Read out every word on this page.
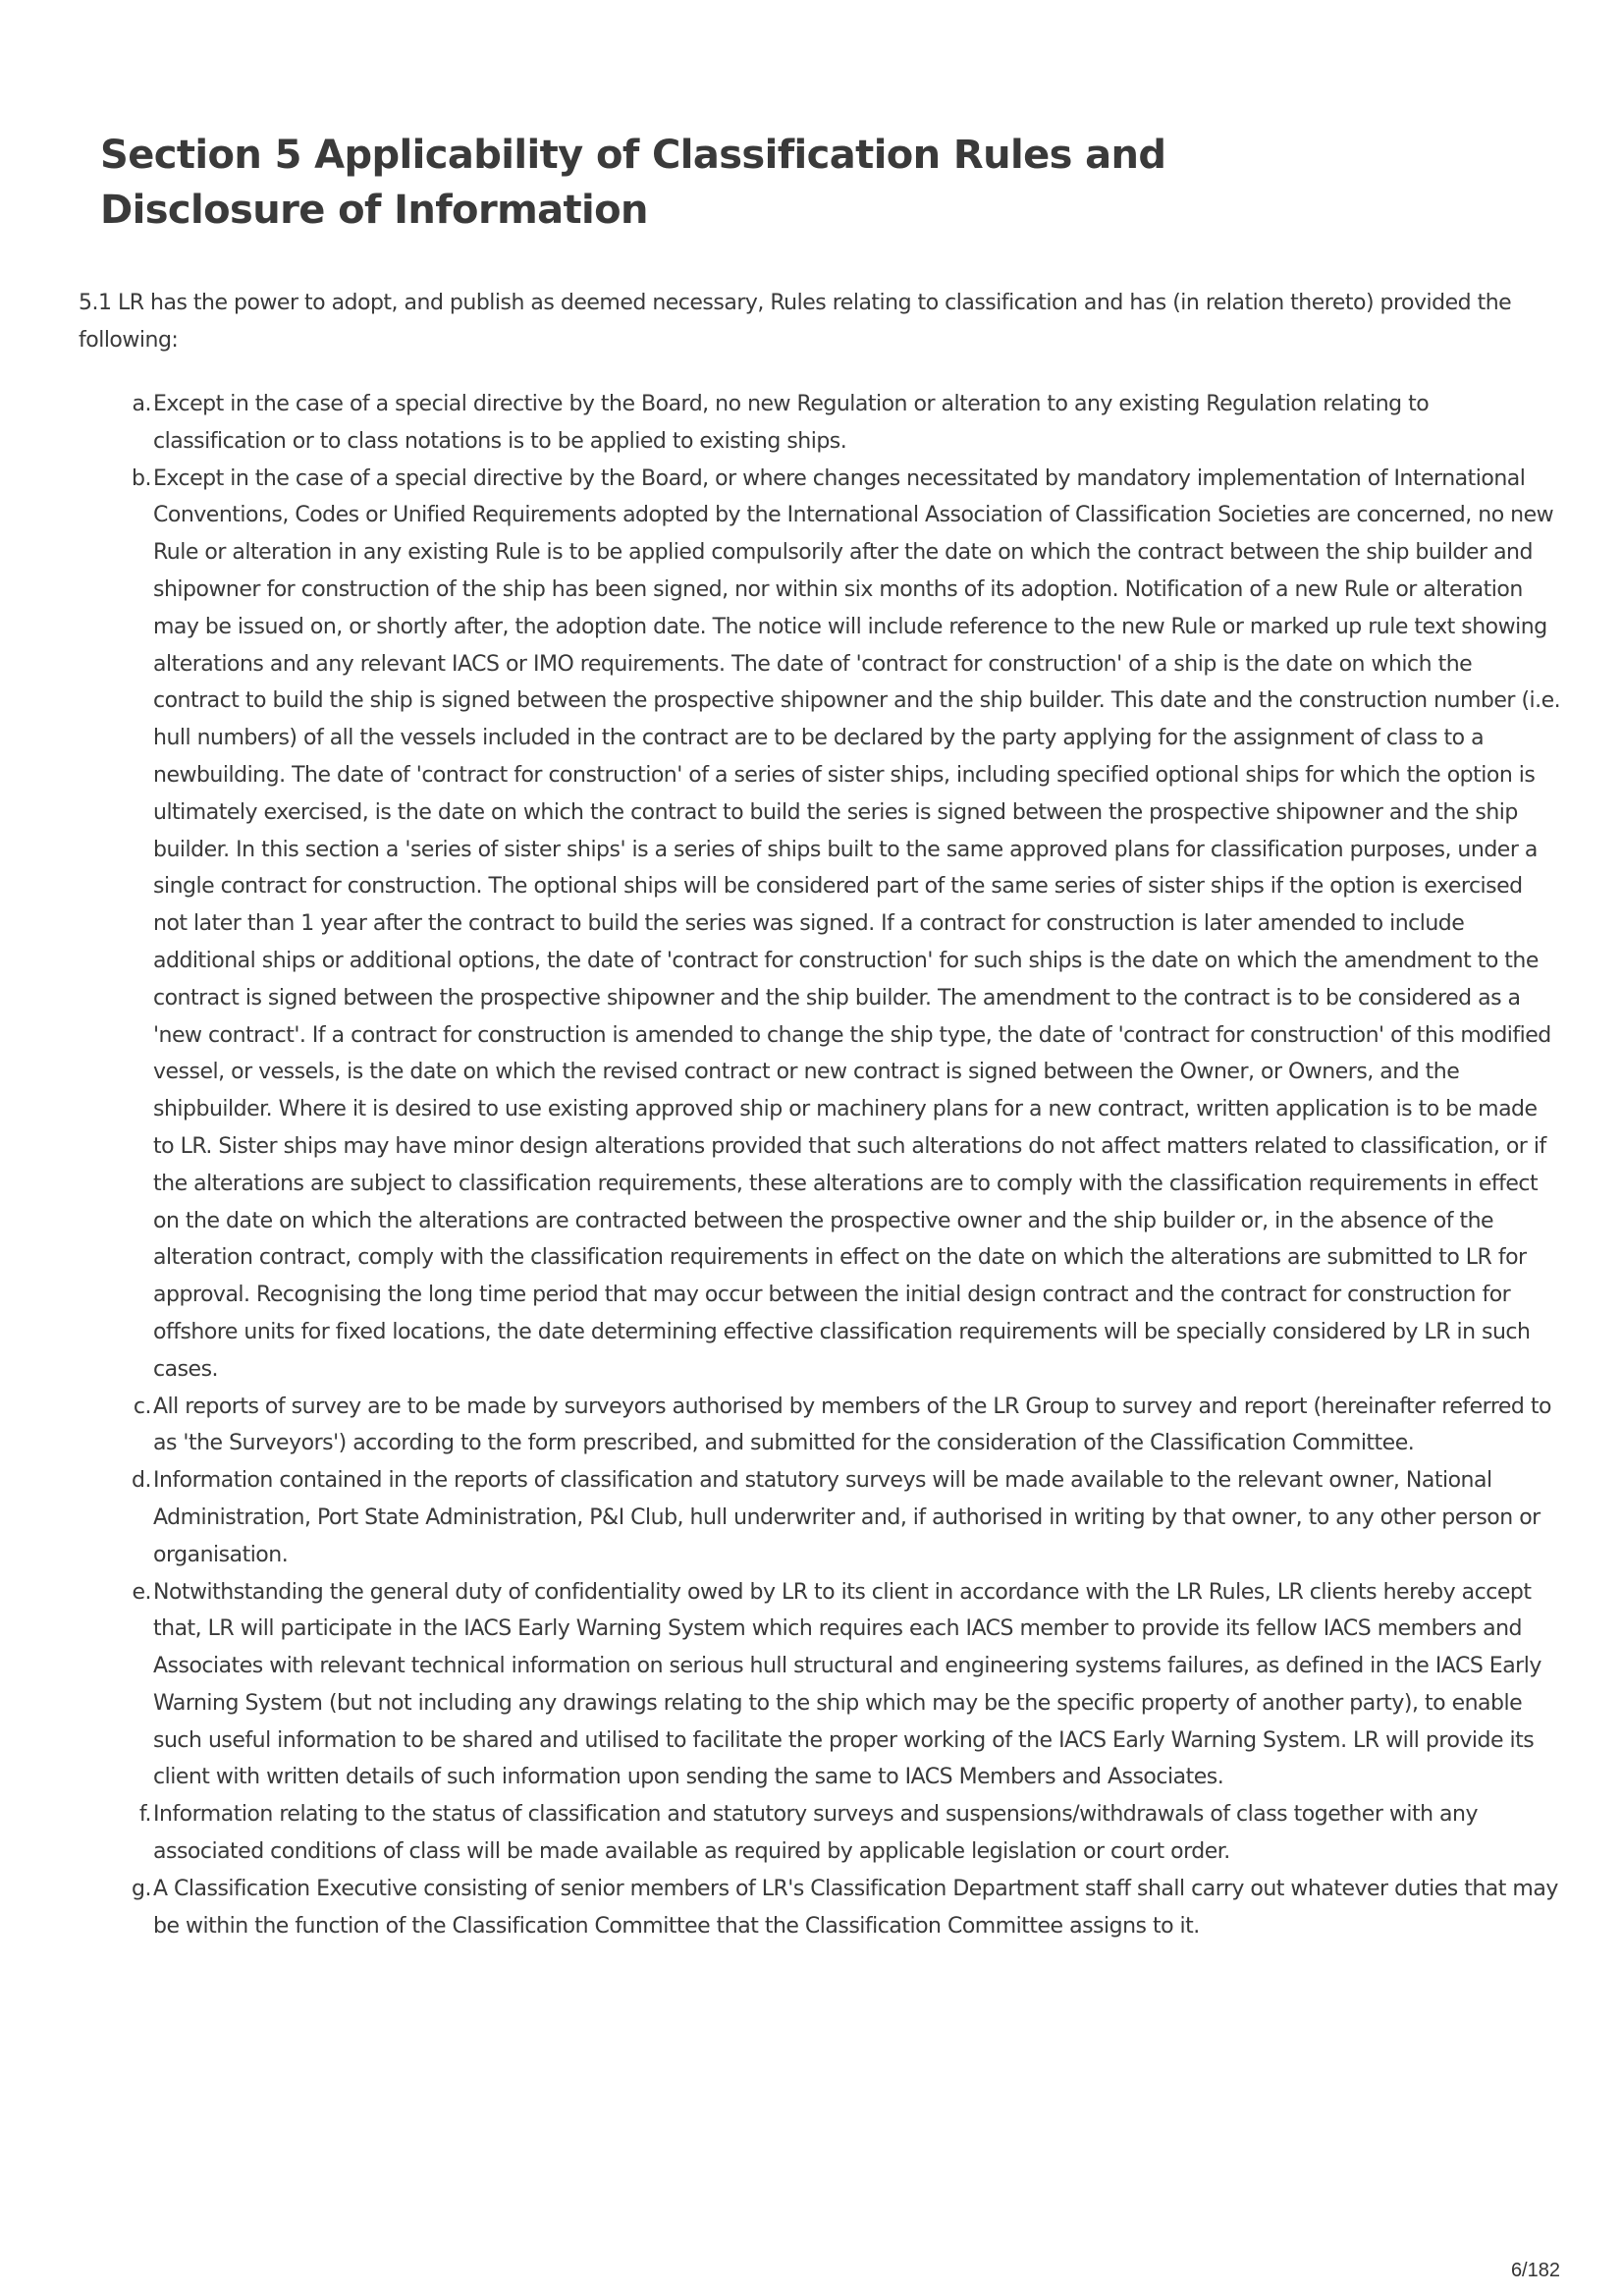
Section 5 Applicability of Classification Rules and Disclosure of Information

5.1 LR has the power to adopt, and publish as deemed necessary, Rules relating to classification and has (in relation thereto) provided the following:

a. Except in the case of a special directive by the Board, no new Regulation or alteration to any existing Regulation relating to classification or to class notations is to be applied to existing ships.
b. Except in the case of a special directive by the Board, or where changes necessitated by mandatory implementation of International Conventions, Codes or Unified Requirements adopted by the International Association of Classification Societies are concerned, no new Rule or alteration in any existing Rule is to be applied compulsorily after the date on which the contract between the ship builder and shipowner for construction of the ship has been signed, nor within six months of its adoption. Notification of a new Rule or alteration may be issued on, or shortly after, the adoption date. The notice will include reference to the new Rule or marked up rule text showing alterations and any relevant IACS or IMO requirements. The date of 'contract for construction' of a ship is the date on which the contract to build the ship is signed between the prospective shipowner and the ship builder. This date and the construction number (i.e. hull numbers) of all the vessels included in the contract are to be declared by the party applying for the assignment of class to a newbuilding. The date of 'contract for construction' of a series of sister ships, including specified optional ships for which the option is ultimately exercised, is the date on which the contract to build the series is signed between the prospective shipowner and the ship builder. In this section a 'series of sister ships' is a series of ships built to the same approved plans for classification purposes, under a single contract for construction. The optional ships will be considered part of the same series of sister ships if the option is exercised not later than 1 year after the contract to build the series was signed. If a contract for construction is later amended to include additional ships or additional options, the date of 'contract for construction' for such ships is the date on which the amendment to the contract is signed between the prospective shipowner and the ship builder. The amendment to the contract is to be considered as a 'new contract'. If a contract for construction is amended to change the ship type, the date of 'contract for construction' of this modified vessel, or vessels, is the date on which the revised contract or new contract is signed between the Owner, or Owners, and the shipbuilder. Where it is desired to use existing approved ship or machinery plans for a new contract, written application is to be made to LR. Sister ships may have minor design alterations provided that such alterations do not affect matters related to classification, or if the alterations are subject to classification requirements, these alterations are to comply with the classification requirements in effect on the date on which the alterations are contracted between the prospective owner and the ship builder or, in the absence of the alteration contract, comply with the classification requirements in effect on the date on which the alterations are submitted to LR for approval. Recognising the long time period that may occur between the initial design contract and the contract for construction for offshore units for fixed locations, the date determining effective classification requirements will be specially considered by LR in such cases.
c. All reports of survey are to be made by surveyors authorised by members of the LR Group to survey and report (hereinafter referred to as 'the Surveyors') according to the form prescribed, and submitted for the consideration of the Classification Committee.
d. Information contained in the reports of classification and statutory surveys will be made available to the relevant owner, National Administration, Port State Administration, P&I Club, hull underwriter and, if authorised in writing by that owner, to any other person or organisation.
e. Notwithstanding the general duty of confidentiality owed by LR to its client in accordance with the LR Rules, LR clients hereby accept that, LR will participate in the IACS Early Warning System which requires each IACS member to provide its fellow IACS members and Associates with relevant technical information on serious hull structural and engineering systems failures, as defined in the IACS Early Warning System (but not including any drawings relating to the ship which may be the specific property of another party), to enable such useful information to be shared and utilised to facilitate the proper working of the IACS Early Warning System. LR will provide its client with written details of such information upon sending the same to IACS Members and Associates.
f. Information relating to the status of classification and statutory surveys and suspensions/withdrawals of class together with any associated conditions of class will be made available as required by applicable legislation or court order.
g. A Classification Executive consisting of senior members of LR's Classification Department staff shall carry out whatever duties that may be within the function of the Classification Committee that the Classification Committee assigns to it.
6/182
